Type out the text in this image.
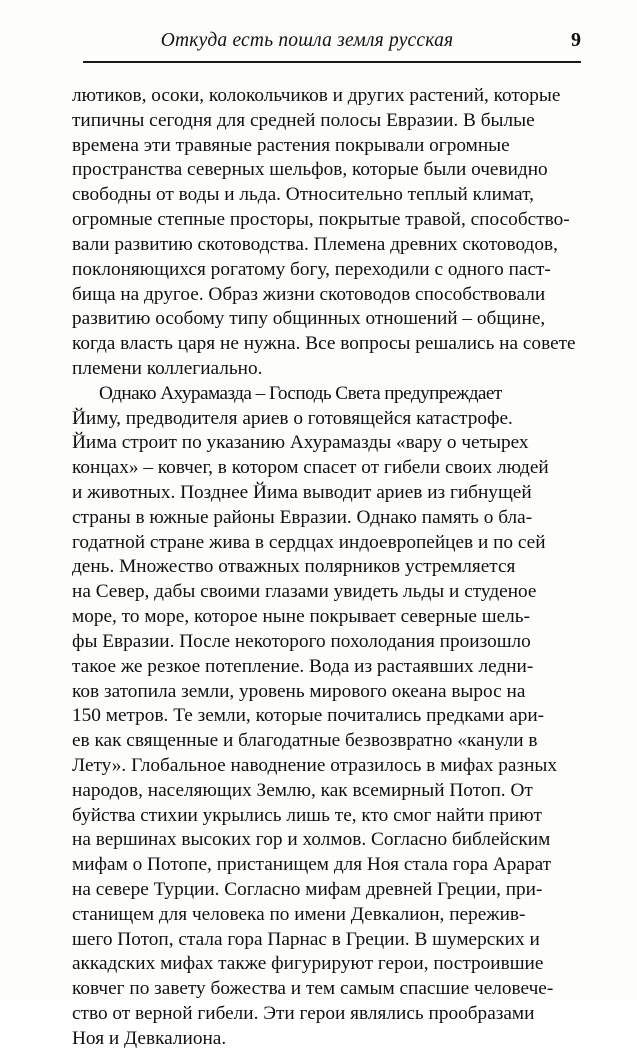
Откуда есть пошла земля русская	9
лютиков, осоки, колокольчиков и других растений, которые
типичны сегодня для средней полосы Евразии. В былые
времена эти травяные растения покрывали огромные
пространства северных шельфов, которые были очевидно
свободны от воды и льда. Относительно теплый климат,
огромные степные просторы, покрытые травой, способство-
вали развитию скотоводства. Племена древних скотоводов,
поклоняющихся рогатому богу, переходили с одного паст-
бища на другое. Образ жизни скотоводов способствовали
развитию особому типу общинных отношений – общине,
когда власть царя не нужна. Все вопросы решались на совете
племени коллегиально.
Однако Ахурамазда – Господь Света предупреждает
Йиму, предводителя ариев о готовящейся катастрофе.
Йима строит по указанию Ахурамазды «вару о четырех
концах» – ковчег, в котором спасет от гибели своих людей
и животных. Позднее Йима выводит ариев из гибнущей
страны в южные районы Евразии. Однако память о бла-
годатной стране жива в сердцах индоевропейцев и по сей
день. Множество отважных полярников устремляется
на Север, дабы своими глазами увидеть льды и студеное
море, то море, которое ныне покрывает северные шель-
фы Евразии. После некоторого похолодания произошло
такое же резкое потепление. Вода из растаявших ледни-
ков затопила земли, уровень мирового океана вырос на
150 метров. Те земли, которые почитались предками ари-
ев как священные и благодатные безвозвратно «канули в
Лету». Глобальное наводнение отразилось в мифах разных
народов, населяющих Землю, как всемирный Потоп. От
буйства стихии укрылись лишь те, кто смог найти приют
на вершинах высоких гор и холмов. Согласно библейским
мифам о Потопе, пристанищем для Ноя стала гора Арарат
на севере Турции. Согласно мифам древней Греции, при-
станищем для человека по имени Девкалион, пережив-
шего Потоп, стала гора Парнас в Греции. В шумерских и
аккадских мифах также фигурируют герои, построившие
ковчег по завету божества и тем самым спасшие человече-
ство от верной гибели. Эти герои являлись прообразами
Ноя и Девкалиона.
